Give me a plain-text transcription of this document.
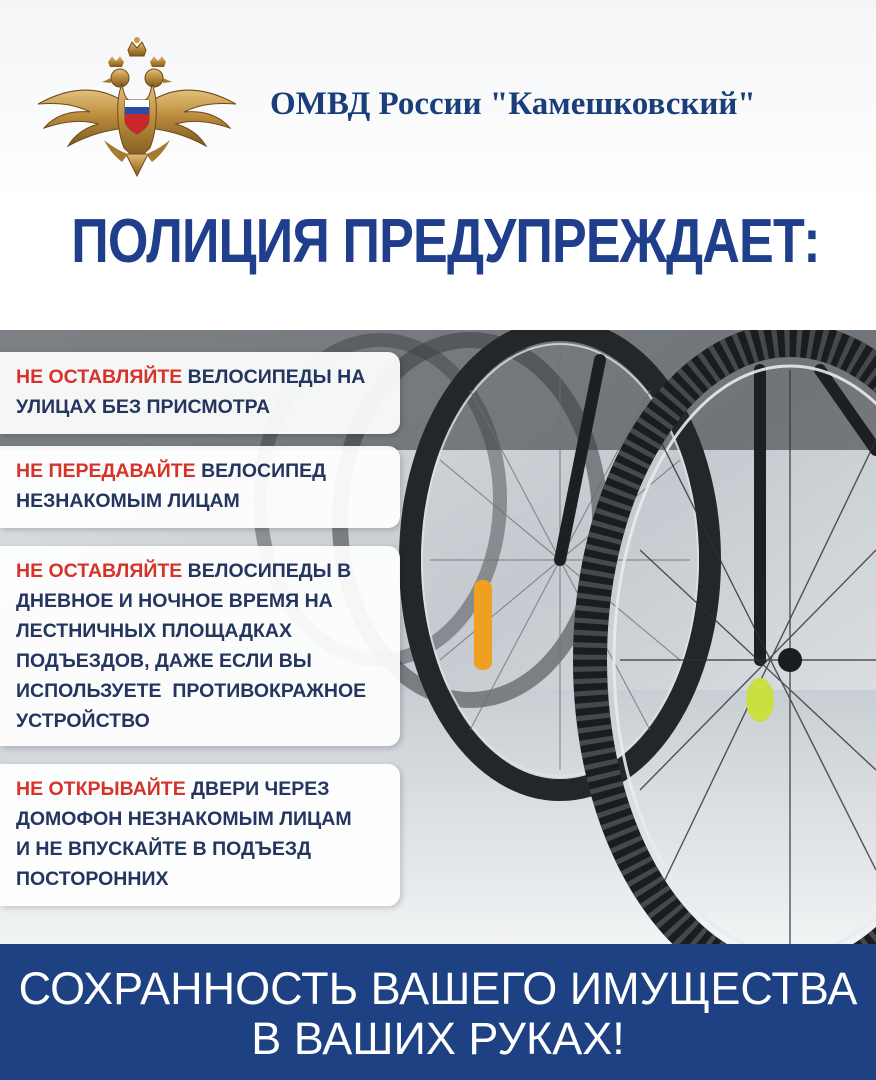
ОМВД России "Камешковский"
ПОЛИЦИЯ ПРЕДУПРЕЖДАЕТ:

НЕ ОСТАВЛЯЙТЕ ВЕЛОСИПЕДЫ НА

УЛИЦАХ БЕЗ ПРИСМОТРА

НЕ ПЕРЕДАВАЙТЕ ВЕЛОСИПЕД

НЕЗНАКОМЫМ ЛИЦАМ

НЕ ОСТАВЛЯЙТЕ ВЕЛОСИПЕДЫ В

ДНЕВНОЕ И НОЧНОЕ ВРЕМЯ НА

ЛЕСТНИЧНЫХ ПЛОЩАДКАХ

ПОДЪЕЗДОВ, ДАЖЕ ЕСЛИ ВЫ

ИСПОЛЬЗУЕТЕ  ПРОТИВОКРАЖНОЕ

УСТРОЙСТВО

НЕ ОТКРЫВАЙТЕ ДВЕРИ ЧЕРЕЗ

ДОМОФОН НЕЗНАКОМЫМ ЛИЦАМ

И НЕ ВПУСКАЙТЕ В ПОДЪЕЗД

ПОСТОРОННИХ

СОХРАННОСТЬ ВАШЕГО ИМУЩЕСТВА
В ВАШИХ РУКАХ!
